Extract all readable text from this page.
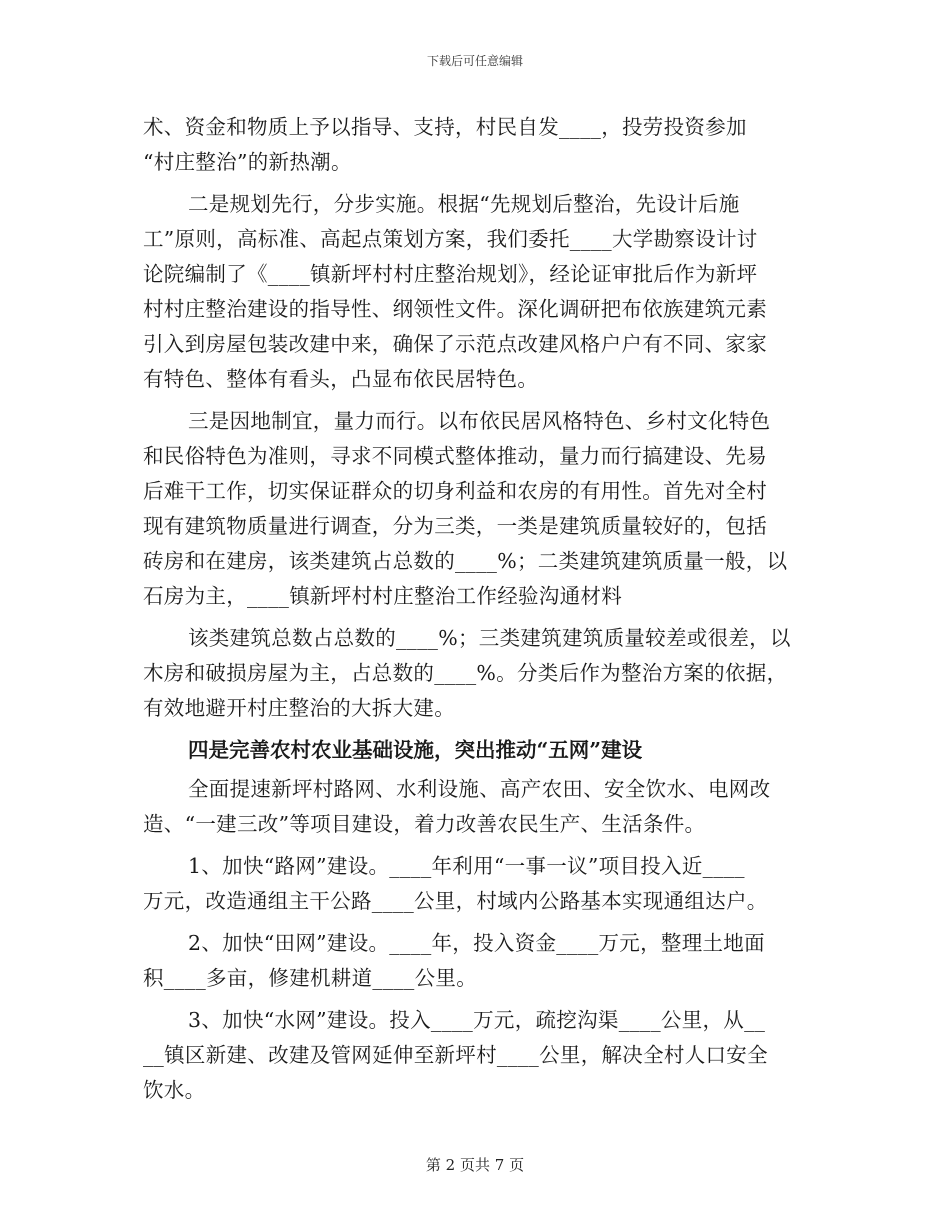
下载后可任意编辑
术、资金和物质上予以指导、支持，村民自发____，投劳投资参加
“村庄整治”的新热潮。
二是规划先行，分步实施。根据“先规划后整治，先设计后施
工”原则，高标准、高起点策划方案，我们委托____大学勘察设计讨
论院编制了《____镇新坪村村庄整治规划》，经论证审批后作为新坪
村村庄整治建设的指导性、纲领性文件。深化调研把布依族建筑元素
引入到房屋包装改建中来，确保了示范点改建风格户户有不同、家家
有特色、整体有看头，凸显布依民居特色。
三是因地制宜，量力而行。以布依民居风格特色、乡村文化特色
和民俗特色为准则，寻求不同模式整体推动，量力而行搞建设、先易
后难干工作，切实保证群众的切身利益和农房的有用性。首先对全村
现有建筑物质量进行调查，分为三类，一类是建筑质量较好的，包括
砖房和在建房，该类建筑占总数的____%；二类建筑建筑质量一般，以
石房为主，____镇新坪村村庄整治工作经验沟通材料
该类建筑总数占总数的____%；三类建筑建筑质量较差或很差，以
木房和破损房屋为主，占总数的____%。分类后作为整治方案的依据，
有效地避开村庄整治的大拆大建。
四是完善农村农业基础设施，突出推动“五网”建设
全面提速新坪村路网、水利设施、高产农田、安全饮水、电网改
造、“一建三改”等项目建设，着力改善农民生产、生活条件。
1、加快“路网”建设。____年利用“一事一议”项目投入近____
万元，改造通组主干公路____公里，村域内公路基本实现通组达户。
2、加快“田网”建设。____年，投入资金____万元，整理土地面
积____多亩，修建机耕道____公里。
3、加快“水网”建设。投入____万元，疏挖沟渠____公里，从__
__镇区新建、改建及管网延伸至新坪村____公里，解决全村人口安全
饮水。
第 2 页共 7 页
